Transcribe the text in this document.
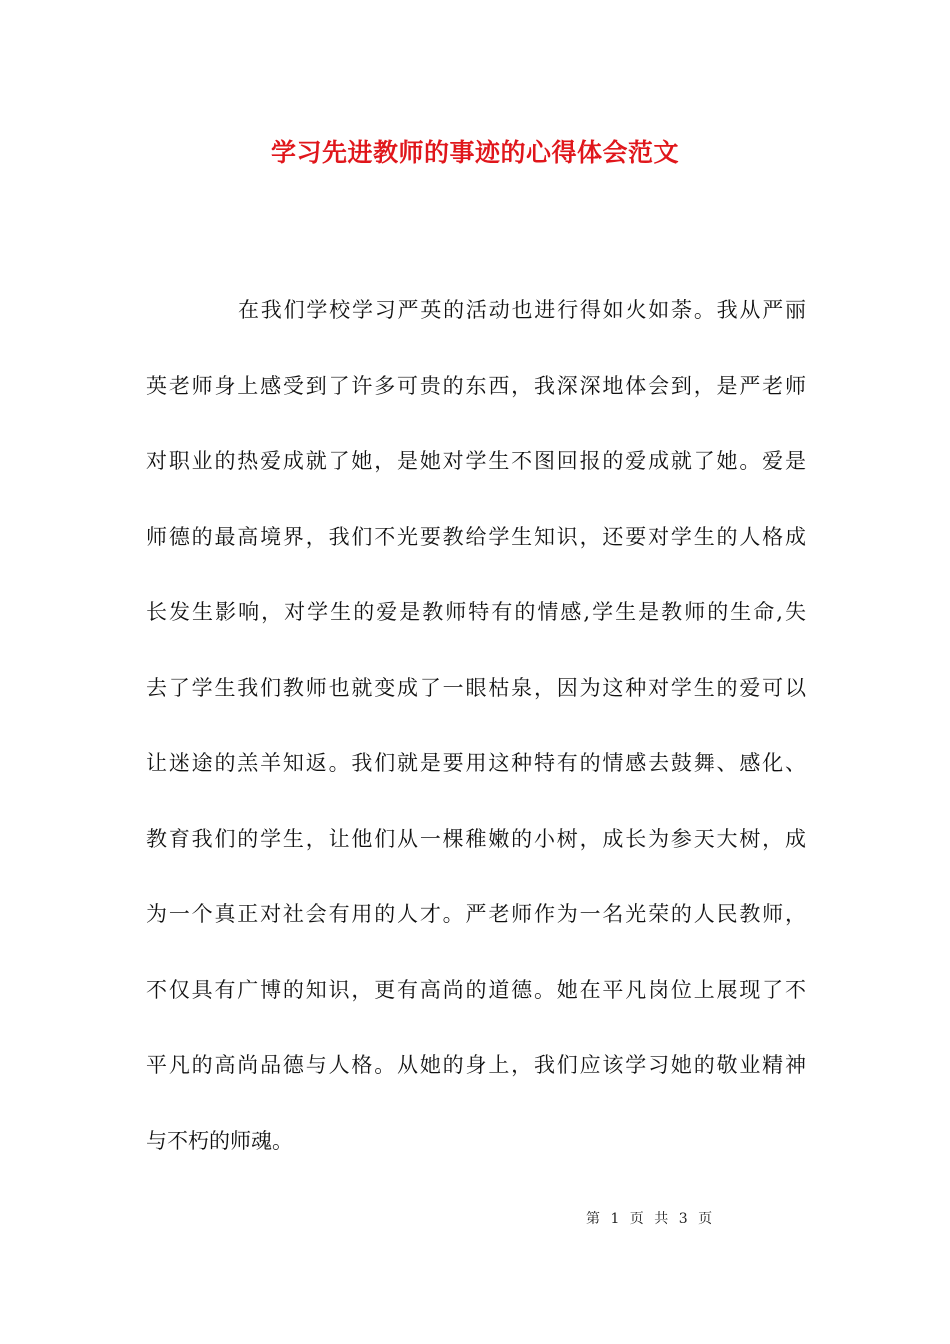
学习先进教师的事迹的心得体会范文
在我们学校学习严英的活动也进行得如火如荼。我从严丽
英老师身上感受到了许多可贵的东西，我深深地体会到，是严老师
对职业的热爱成就了她，是她对学生不图回报的爱成就了她。爱是
师德的最高境界，我们不光要教给学生知识，还要对学生的人格成
长发生影响，对学生的爱是教师特有的情感,学生是教师的生命,失
去了学生我们教师也就变成了一眼枯泉，因为这种对学生的爱可以
让迷途的羔羊知返。我们就是要用这种特有的情感去鼓舞、感化、
教育我们的学生，让他们从一棵稚嫩的小树，成长为参天大树，成
为一个真正对社会有用的人才。严老师作为一名光荣的人民教师，
不仅具有广博的知识，更有高尚的道德。她在平凡岗位上展现了不
平凡的高尚品德与人格。从她的身上，我们应该学习她的敬业精神
与不朽的师魂。
第 1 页 共 3 页
